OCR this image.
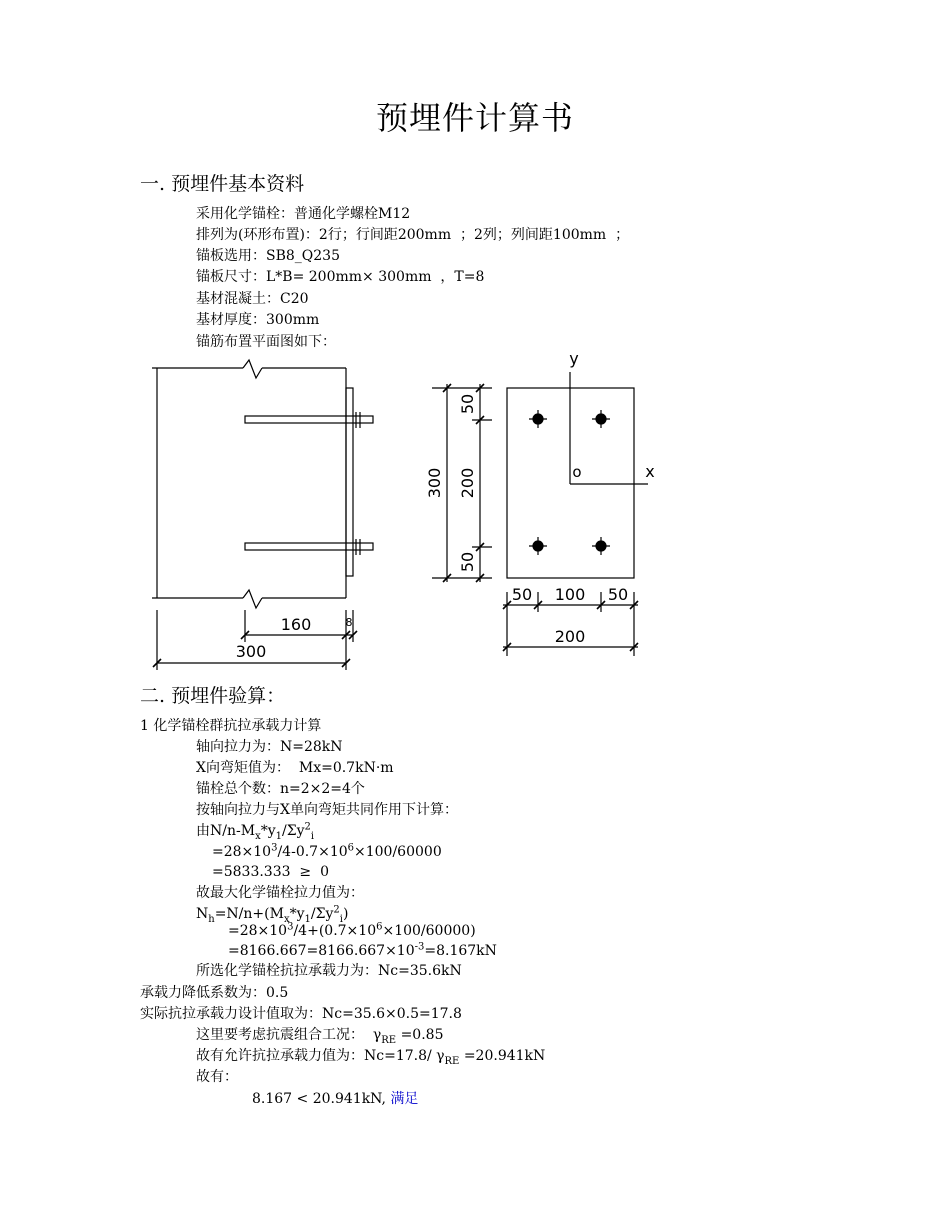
预埋件计算书
一. 预埋件基本资料
采用化学锚栓：普通化学螺栓M12
排列为(环形布置)：2行；行间距200mm  ；2列；列间距100mm  ；
锚板选用：SB8_Q235
锚板尺寸：L*B= 200mm× 300mm  ，T=8
基材混凝土：C20
基材厚度：300mm
锚筋布置平面图如下：
160	8
300
y
x
o
300
50
200
50
50 100 50
200
二. 预埋件验算：
1 化学锚栓群抗拉承载力计算
轴向拉力为：N=28kN
X向弯矩值为：  Mx=0.7kN·m
锚栓总个数：n=2×2=4个
按轴向拉力与X单向弯矩共同作用下计算：
由$N/n-M_x*y_1/\Sigma y^2_i$
$=28\times 10^3/4-0.7\times 10^6\times 100/60000$
=5833.333  ≥  0
故最大化学锚栓拉力值为：
$N_h=N/n+(M_x*y_1/\Sigma y^2_i)$
$=28\times 10^3/4+(0.7\times 10^6\times 100/60000)$
$=8166.667=8166.667\times 10^{-3}=8.167kN$
所选化学锚栓抗拉承载力为：Nc=35.6kN
承载力降低系数为：0.5
实际抗拉承载力设计值取为：Nc=35.6×0.5=17.8
这里要考虑抗震组合工况：  $\gamma_{RE} =0.85$
故有允许抗拉承载力值为：Nc=17.8/ $\gamma_{RE} =20.941kN$
故有：
8.167 < 20.941kN, 满足
